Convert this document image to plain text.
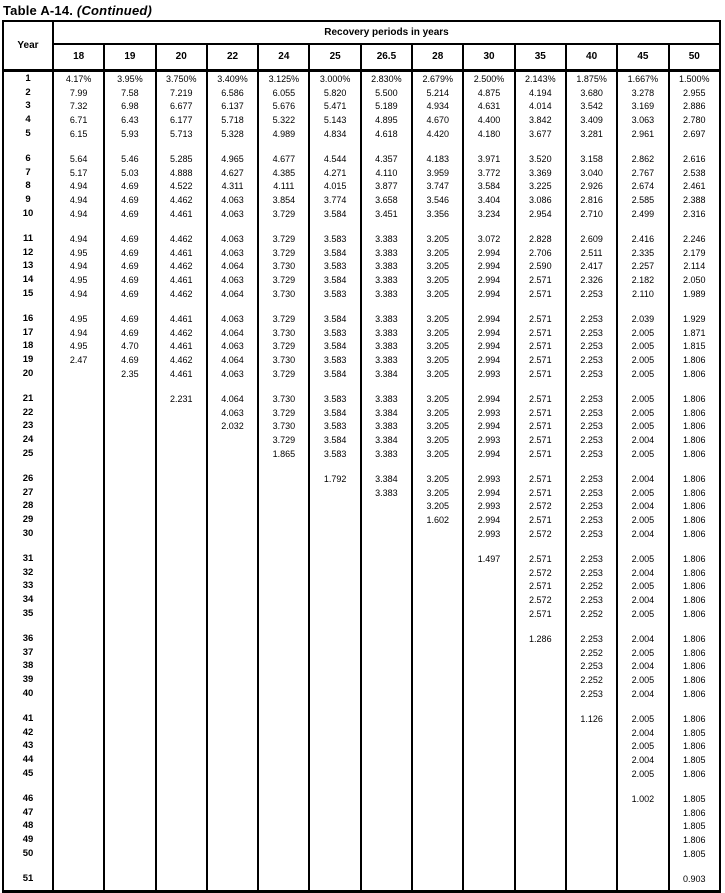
Table A-14. (Continued)
Year	Recovery periods in years												
	18	19	20	22	24	25	26.5	28	30	35	40	45	50
1	4.17%	3.95%	3.750%	3.409%	3.125%	3.000%	2.830%	2.679%	2.500%	2.143%	1.875%	1.667%	1.500%
2	7.99	7.58	7.219	6.586	6.055	5.820	5.500	5.214	4.875	4.194	3.680	3.278	2.955
3	7.32	6.98	6.677	6.137	5.676	5.471	5.189	4.934	4.631	4.014	3.542	3.169	2.886
4	6.71	6.43	6.177	5.718	5.322	5.143	4.895	4.670	4.400	3.842	3.409	3.063	2.780
5	6.15	5.93	5.713	5.328	4.989	4.834	4.618	4.420	4.180	3.677	3.281	2.961	2.697

6	5.64	5.46	5.285	4.965	4.677	4.544	4.357	4.183	3.971	3.520	3.158	2.862	2.616
7	5.17	5.03	4.888	4.627	4.385	4.271	4.110	3.959	3.772	3.369	3.040	2.767	2.538
8	4.94	4.69	4.522	4.311	4.111	4.015	3.877	3.747	3.584	3.225	2.926	2.674	2.461
9	4.94	4.69	4.462	4.063	3.854	3.774	3.658	3.546	3.404	3.086	2.816	2.585	2.388
10	4.94	4.69	4.461	4.063	3.729	3.584	3.451	3.356	3.234	2.954	2.710	2.499	2.316

11	4.94	4.69	4.462	4.063	3.729	3.583	3.383	3.205	3.072	2.828	2.609	2.416	2.246
12	4.95	4.69	4.461	4.063	3.729	3.584	3.383	3.205	2.994	2.706	2.511	2.335	2.179
13	4.94	4.69	4.462	4.064	3.730	3.583	3.383	3.205	2.994	2.590	2.417	2.257	2.114
14	4.95	4.69	4.461	4.063	3.729	3.584	3.383	3.205	2.994	2.571	2.326	2.182	2.050
15	4.94	4.69	4.462	4.064	3.730	3.583	3.383	3.205	2.994	2.571	2.253	2.110	1.989

16	4.95	4.69	4.461	4.063	3.729	3.584	3.383	3.205	2.994	2.571	2.253	2.039	1.929
17	4.94	4.69	4.462	4.064	3.730	3.583	3.383	3.205	2.994	2.571	2.253	2.005	1.871
18	4.95	4.70	4.461	4.063	3.729	3.584	3.383	3.205	2.994	2.571	2.253	2.005	1.815
19	2.47	4.69	4.462	4.064	3.730	3.583	3.383	3.205	2.994	2.571	2.253	2.005	1.806
20		2.35	4.461	4.063	3.729	3.584	3.384	3.205	2.993	2.571	2.253	2.005	1.806

21			2.231	4.064	3.730	3.583	3.383	3.205	2.994	2.571	2.253	2.005	1.806
22				4.063	3.729	3.584	3.384	3.205	2.993	2.571	2.253	2.005	1.806
23				2.032	3.730	3.583	3.383	3.205	2.994	2.571	2.253	2.005	1.806
24					3.729	3.584	3.384	3.205	2.993	2.571	2.253	2.004	1.806
25					1.865	3.583	3.383	3.205	2.994	2.571	2.253	2.005	1.806

26						1.792	3.384	3.205	2.993	2.571	2.253	2.004	1.806
27							3.383	3.205	2.994	2.571	2.253	2.005	1.806
28								3.205	2.993	2.572	2.253	2.004	1.806
29								1.602	2.994	2.571	2.253	2.005	1.806
30									2.993	2.572	2.253	2.004	1.806

31									1.497	2.571	2.253	2.005	1.806
32										2.572	2.253	2.004	1.806
33										2.571	2.252	2.005	1.806
34										2.572	2.253	2.004	1.806
35										2.571	2.252	2.005	1.806

36										1.286	2.253	2.004	1.806
37											2.252	2.005	1.806
38											2.253	2.004	1.806
39											2.252	2.005	1.806
40											2.253	2.004	1.806

41											1.126	2.005	1.806
42												2.004	1.805
43												2.005	1.806
44												2.004	1.805
45												2.005	1.806

46												1.002	1.805
47													1.806
48													1.805
49													1.806
50													1.805

51													0.903
